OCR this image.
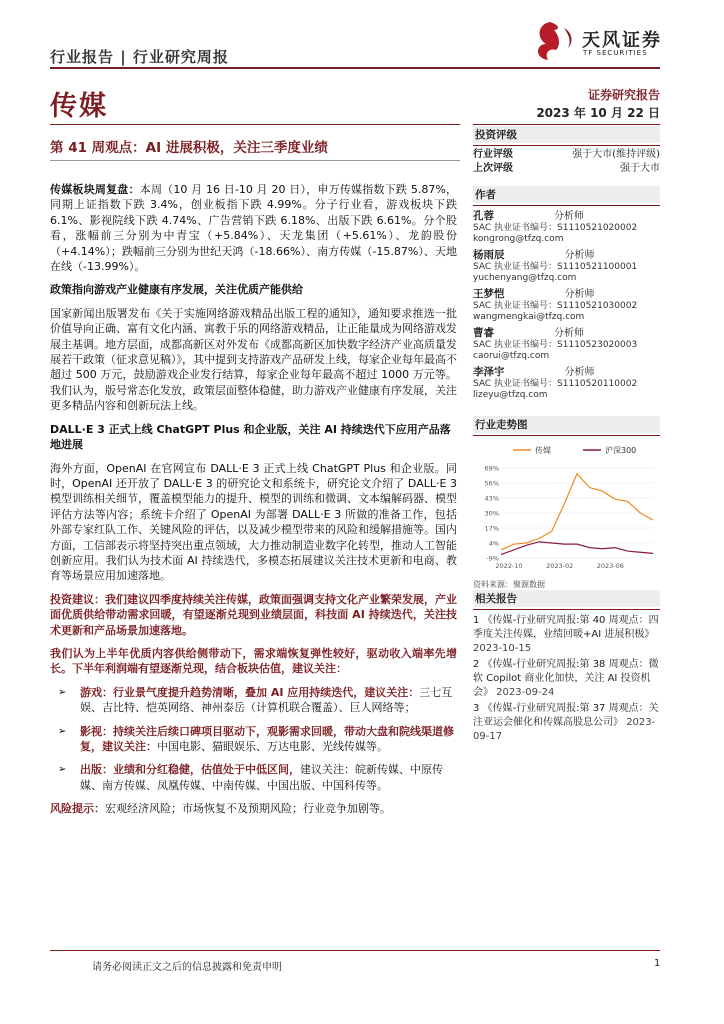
行业报告 | 行业研究周报
天风证券
TF SECURITIES
传媒	证券研究报告
2023 年 10 月 22 日
第 41 周观点：AI 进展积极，关注三季度业绩

传媒板块周复盘：本周（10 月 16 日-10 月 20 日），申万传媒指数下跌 5.87%，同期上证指数下跌 3.4%，创业板指下跌 4.99%。分子行业看，游戏板块下跌 6.1%、影视院线下跌 4.74%、广告营销下跌 6.18%、出版下跌 6.61%。分个股看，涨幅前三分别为中青宝（+5.84%）、天龙集团（+5.61%）、龙韵股份（+4.14%）；跌幅前三分别为世纪天鸿（-18.66%）、南方传媒（-15.87%）、天地在线（-13.99%）。

政策指向游戏产业健康有序发展，关注优质产能供给

国家新闻出版署发布《关于实施网络游戏精品出版工程的通知》，通知要求推选一批价值导向正确、富有文化内涵、寓教于乐的网络游戏精品，让正能量成为网络游戏发展主基调。地方层面，成都高新区对外发布《成都高新区加快数字经济产业高质量发展若干政策（征求意见稿）》，其中提到支持游戏产品研发上线，每家企业每年最高不超过 500 万元，鼓励游戏企业发行结算，每家企业每年最高不超过 1000 万元等。我们认为，版号常态化发放，政策层面整体稳健，助力游戏产业健康有序发展，关注更多精品内容和创新玩法上线。

DALL·E 3 正式上线 ChatGPT Plus 和企业版，关注 AI 持续迭代下应用产品落地进展

海外方面，OpenAI 在官网宣布 DALL·E 3 正式上线 ChatGPT Plus 和企业版。同时，OpenAI 还开放了 DALL·E 3 的研究论文和系统卡，研究论文介绍了 DALL·E 3 模型训练相关细节，覆盖模型能力的提升、模型的训练和微调、文本编解码器、模型评估方法等内容；系统卡介绍了 OpenAI 为部署 DALL·E 3 所做的准备工作，包括外部专家红队工作、关键风险的评估，以及减少模型带来的风险和缓解措施等。国内方面，工信部表示将坚持突出重点领域，大力推动制造业数字化转型，推动人工智能创新应用。我们认为技术面 AI 持续迭代，多模态拓展建议关注技术更新和电商、教育等场景应用加速落地。

投资建议：我们建议四季度持续关注传媒，政策面强调支持文化产业繁荣发展，产业面优质供给带动需求回暖，有望逐渐兑现到业绩层面，科技面 AI 持续迭代，关注技术更新和产品场景加速落地。

我们认为上半年优质内容供给侧带动下，需求端恢复弹性较好，驱动收入端率先增长。下半年利润端有望逐渐兑现，结合板块估值，建议关注：

➢ 游戏：行业景气度提升趋势清晰，叠加 AI 应用持续迭代，建议关注：三七互娱、吉比特、恺英网络、神州泰岳（计算机联合覆盖）、巨人网络等；
➢ 影视：持续关注后续口碑项目驱动下，观影需求回暖，带动大盘和院线渠道修复，建议关注：中国电影、猫眼娱乐、万达电影、光线传媒等。
➢ 出版：业绩和分红稳健，估值处于中低区间，建议关注：皖新传媒、中原传媒、南方传媒、凤凰传媒、中南传媒、中国出版、中国科传等。

风险提示：宏观经济风险；市场恢复不及预期风险；行业竞争加剧等。

投资评级
行业评级	强于大市(维持评级)
上次评级	强于大市
作者
孔蓉	分析师
SAC 执业证书编号：S1110521020002
kongrong@tfzq.com
杨雨辰	分析师
SAC 执业证书编号：S1110521100001
yuchenyang@tfzq.com
王梦恺	分析师
SAC 执业证书编号：S1110521030002
wangmengkai@tfzq.com
曹睿	分析师
SAC 执业证书编号：S1110523020003
caorui@tfzq.com
李泽宇	分析师
SAC 执业证书编号：S1110520110002
lizeyu@tfzq.com
行业走势图
传媒	沪深300
69%
56%
43%
30%
17%
4%
-9%
2022-10	2023-02	2023-06
资料来源：聚源数据
相关报告
1 《传媒-行业研究周报:第 40 周观点：四季度关注传媒，业绩回暖+AI 进展积极》 2023-10-15
2 《传媒-行业研究周报:第 38 周观点：微软 Copilot 商业化加快，关注 AI 投资机会》 2023-09-24
3 《传媒-行业研究周报:第 37 周观点：关注亚运会催化和传媒高股息公司》 2023-09-17
请务必阅读正文之后的信息披露和免责申明	1
